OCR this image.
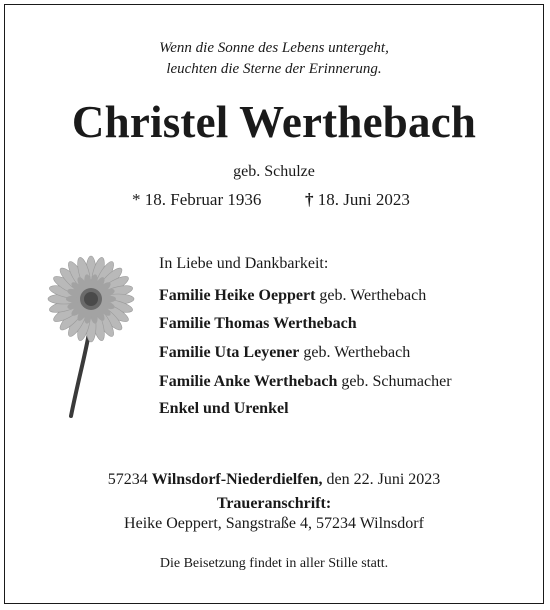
Wenn die Sonne des Lebens untergeht,
leuchten die Sterne der Erinnerung.
Christel Werthebach
geb. Schulze
* 18. Februar 1936	† 18. Juni 2023
In Liebe und Dankbarkeit:
Familie Heike Oeppert geb. Werthebach
Familie Thomas Werthebach
Familie Uta Leyener geb. Werthebach
Familie Anke Werthebach geb. Schumacher
Enkel und Urenkel
57234 Wilnsdorf-Niederdielfen, den 22. Juni 2023
Traueranschrift:
Heike Oeppert, Sangstraße 4, 57234 Wilnsdorf
Die Beisetzung findet in aller Stille statt.
